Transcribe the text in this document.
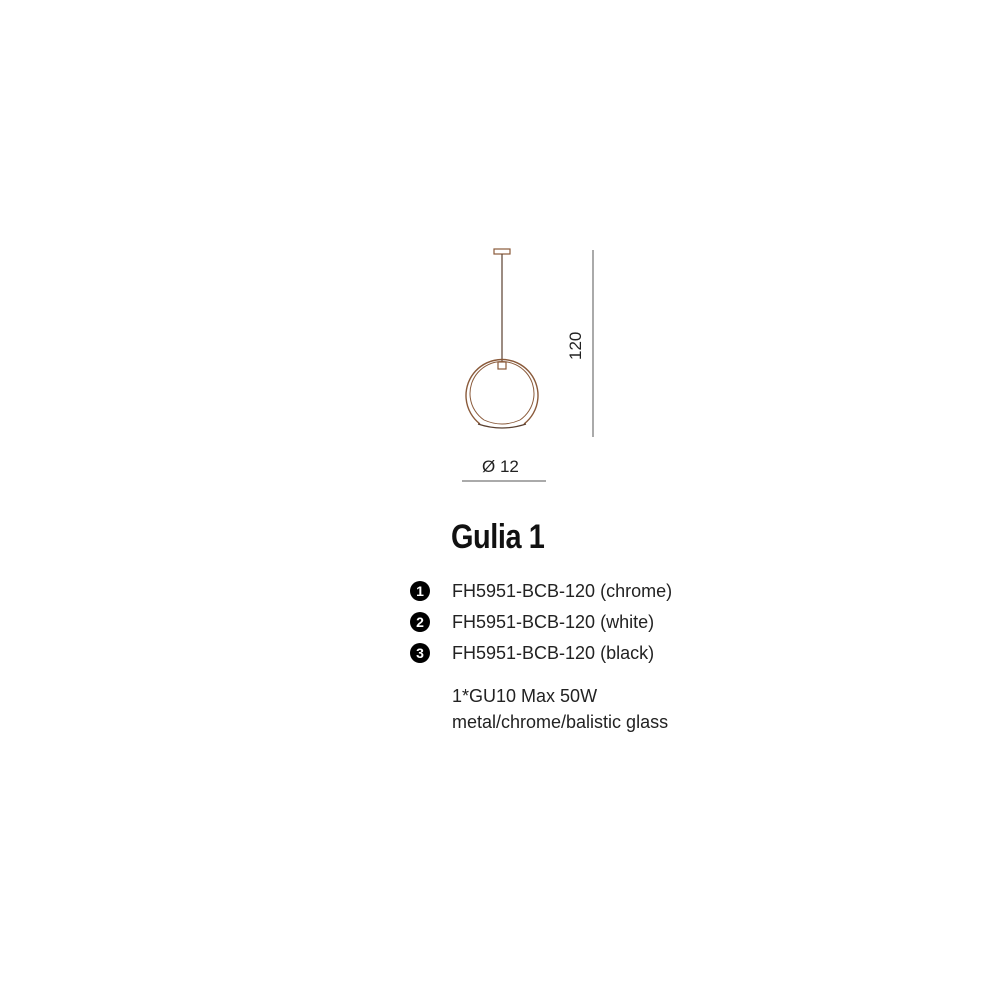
Ø 12
120
Gulia 1
1	FH5951-BCB-120 (chrome)
2	FH5951-BCB-120 (white)
3	FH5951-BCB-120 (black)
1*GU10 Max 50W
metal/chrome/balistic glass
